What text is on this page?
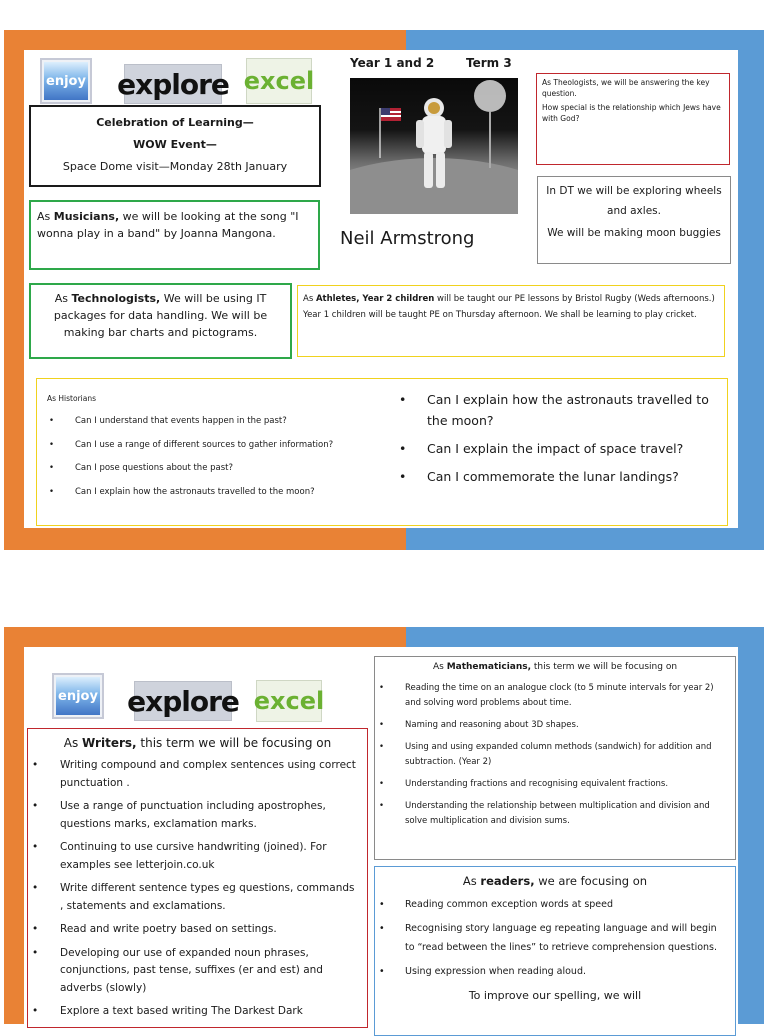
enjoy explore excel
Year 1 and 2	Term 3
Celebration of Learning—
WOW Event—
Space Dome visit—Monday 28th January
As Musicians, we will be looking at the song "I wonna play in a band" by Joanna Mangona.	Neil Armstrong
As Theologists, we will be answering the key question.
How special is the relationship which Jews have with God?
In DT we will be exploring wheels and axles.
We will be making moon buggies
As Technologists, We will be using IT packages for data handling. We will be making bar charts and pictograms.
As Athletes, Year 2 children will be taught our PE lessons by Bristol Rugby (Weds afternoons.) Year 1 children will be taught PE on Thursday afternoon. We shall be learning to play cricket.
As Historians
• Can I understand that events happen in the past?
• Can I use a range of different sources to gather information?
• Can I pose questions about the past?
• Can I explain how the astronauts travelled to the moon?
• Can I explain how the astronauts travelled to the moon?
• Can I explain the impact of space travel?
• Can I commemorate the lunar landings?
enjoy explore excel
As Writers, this term we will be focusing on
• Writing compound and complex sentences using correct punctuation .
• Use a range of punctuation including apostrophes, questions marks, exclamation marks.
• Continuing to use cursive handwriting (joined). For examples see letterjoin.co.uk
• Write different sentence types eg questions, commands , statements and exclamations.
• Read and write poetry based on settings.
• Developing our use of expanded noun phrases, conjunctions, past tense, suffixes (er and est) and adverbs (slowly)
• Explore a text based writing The Darkest Dark
As Mathematicians, this term we will be focusing on
• Reading the time on an analogue clock (to 5 minute intervals for year 2) and solving word problems about time.
• Naming and reasoning about 3D shapes.
• Using and using expanded column methods (sandwich) for addition and subtraction. (Year 2)
• Understanding fractions and recognising equivalent fractions.
• Understanding the relationship between multiplication and division and solve multiplication and division sums.
As readers, we are focusing on
• Reading common exception words at speed
• Recognising story language eg repeating language and will begin to “read between the lines” to retrieve comprehension questions.
• Using expression when reading aloud.
To improve our spelling, we will
